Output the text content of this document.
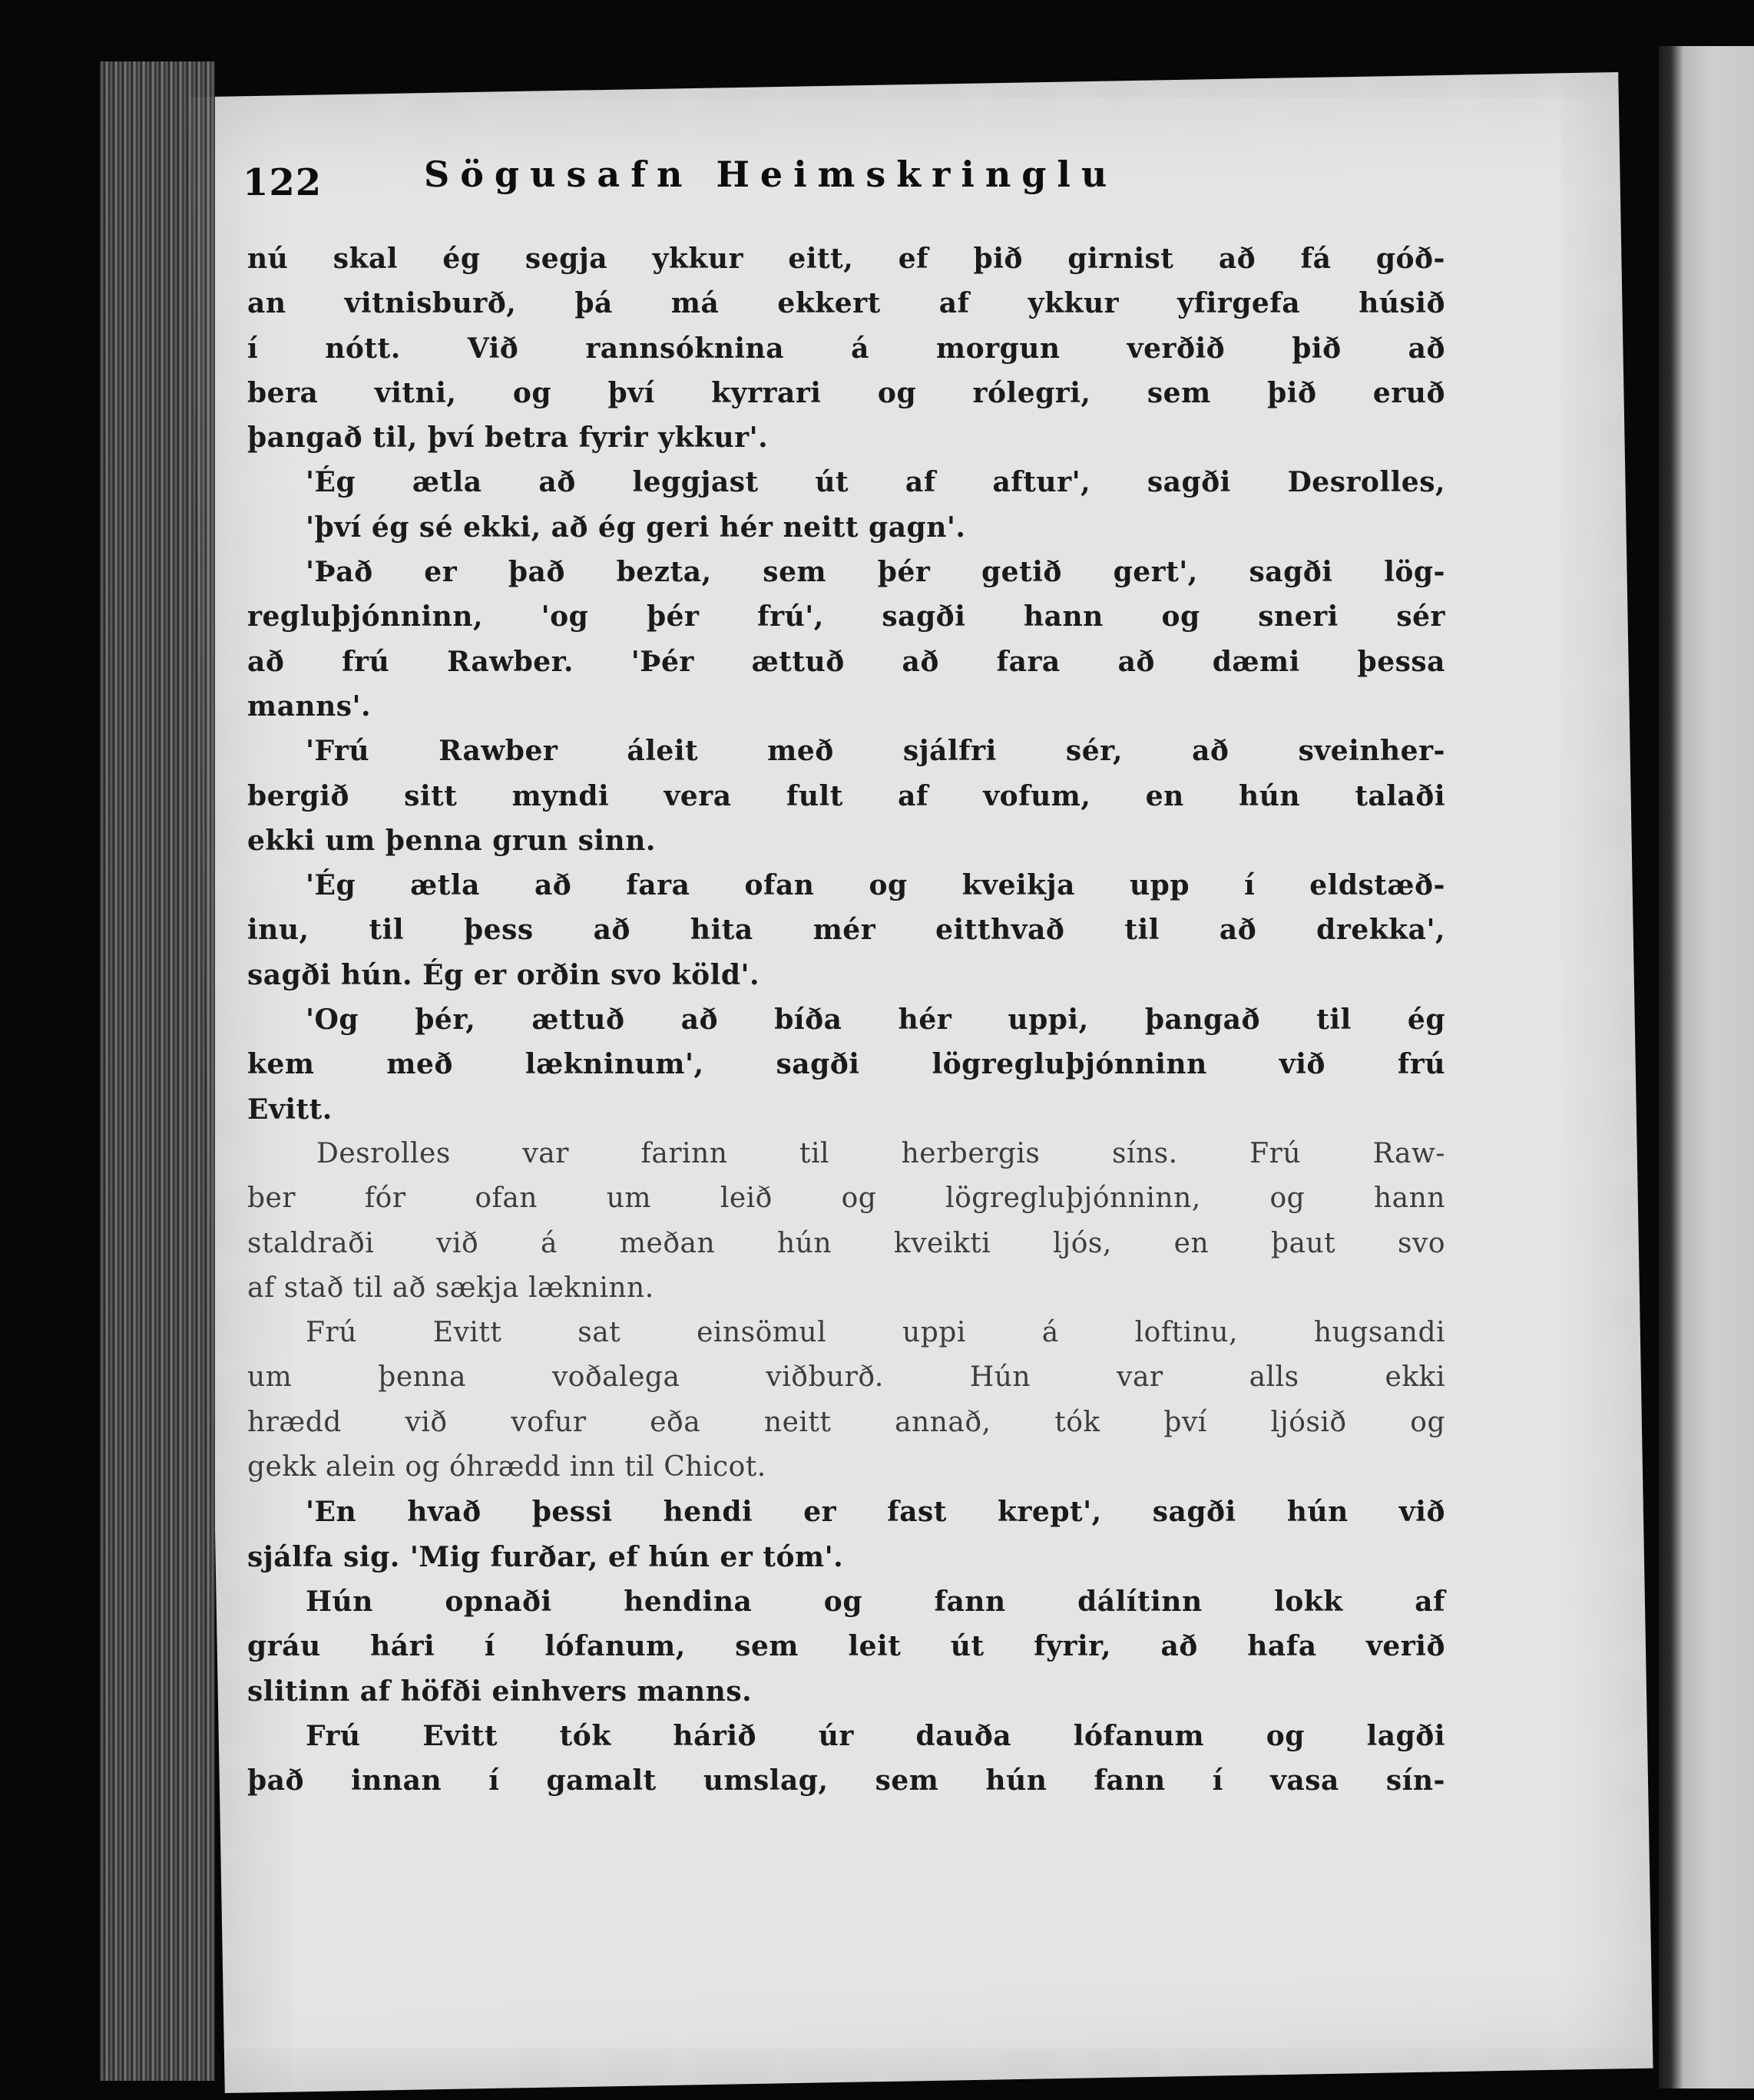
122	Sögusafn Heimskringlu
nú skal ég segja ykkur eitt, ef þið girnist að fá góð-
an vitnisburð, þá má ekkert af ykkur yfirgefa húsið
í nótt. Við rannsóknina á morgun verðið þið að
bera vitni, og því kyrrari og rólegri, sem þið eruð
þangað til, því betra fyrir ykkur'.
'Ég ætla að leggjast út af aftur', sagði Desrolles,
'því ég sé ekki, að ég geri hér neitt gagn'.
'Það er það bezta, sem þér getið gert', sagði lög-
regluþjónninn, 'og þér frú', sagði hann og sneri sér
að frú Rawber. 'Þér ættuð að fara að dæmi þessa
manns'.
'Frú Rawber áleit með sjálfri sér, að sveinher-
bergið sitt myndi vera fult af vofum, en hún talaði
ekki um þenna grun sinn.
'Ég ætla að fara ofan og kveikja upp í eldstæð-
inu, til þess að hita mér eitthvað til að drekka',
sagði hún. Ég er orðin svo köld'.
'Og þér, ættuð að bíða hér uppi, þangað til ég
kem með lækninum', sagði lögregluþjónninn við frú
Evitt.
Desrolles var farinn til herbergis síns. Frú Raw-
ber fór ofan um leið og lögregluþjónninn, og hann
staldraði við á meðan hún kveikti ljós, en þaut svo
af stað til að sækja lækninn.
Frú Evitt sat einsömul uppi á loftinu, hugsandi
um þenna voðalega viðburð. Hún var alls ekki
hrædd við vofur eða neitt annað, tók því ljósið og
gekk alein og óhrædd inn til Chicot.
'En hvað þessi hendi er fast krept', sagði hún við
sjálfa sig. 'Mig furðar, ef hún er tóm'.
Hún opnaði hendina og fann dálítinn lokk af
gráu hári í lófanum, sem leit út fyrir, að hafa verið
slitinn af höfði einhvers manns.
Frú Evitt tók hárið úr dauða lófanum og lagði
það innan í gamalt umslag, sem hún fann í vasa sín-
